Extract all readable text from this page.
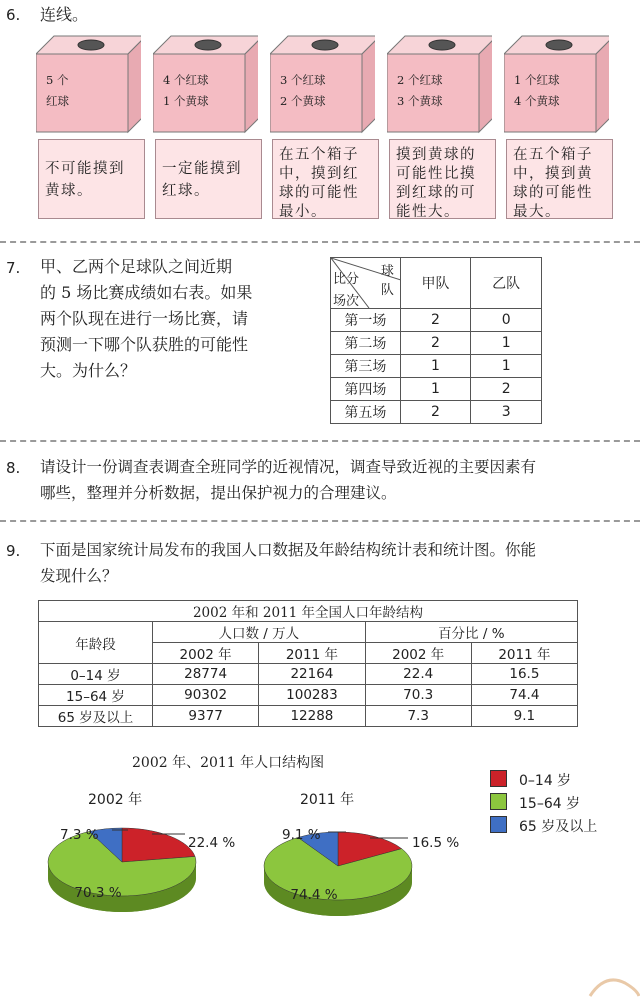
6. 连线。
5 个
红球
4 个红球
1 个黄球
3 个红球
2 个黄球
2 个红球
3 个黄球
1 个红球
4 个黄球
不可能摸到
黄球。
一定能摸到
红球。
在五个箱子
中，摸到红
球的可能性
最小。
摸到黄球的
可能性比摸
到红球的可
能性大。
在五个箱子
中，摸到黄
球的可能性
最大。
7. 甲、乙两个足球队之间近期
的 5 场比赛成绩如右表。如果
两个队现在进行一场比赛，请
预测一下哪个队获胜的可能性
大。为什么？
球队
比分
场次	甲队	乙队
第一场	2	0
第二场	2	1
第三场	1	1
第四场	1	2
第五场	2	3
8. 请设计一份调查表调查全班同学的近视情况，调查导致近视的主要因素有
哪些，整理并分析数据，提出保护视力的合理建议。
9. 下面是国家统计局发布的我国人口数据及年龄结构统计表和统计图。你能
发现什么？
2002 年和 2011 年全国人口年龄结构				
年龄段	人口数 / 万人		百分比 / %	
	2002 年	2011 年	2002 年	2011 年
0–14 岁	28774	22164	22.4	16.5
15–64 岁	90302	100283	70.3	74.4
65 岁及以上	9377	12288	7.3	9.1
2002 年、2011 年人口结构图
2002 年	2011 年
22.4 %
70.3 %
7.3 %	16.5 %
74.4 %
9.1 %
0–14 岁
15–64 岁
65 岁及以上
